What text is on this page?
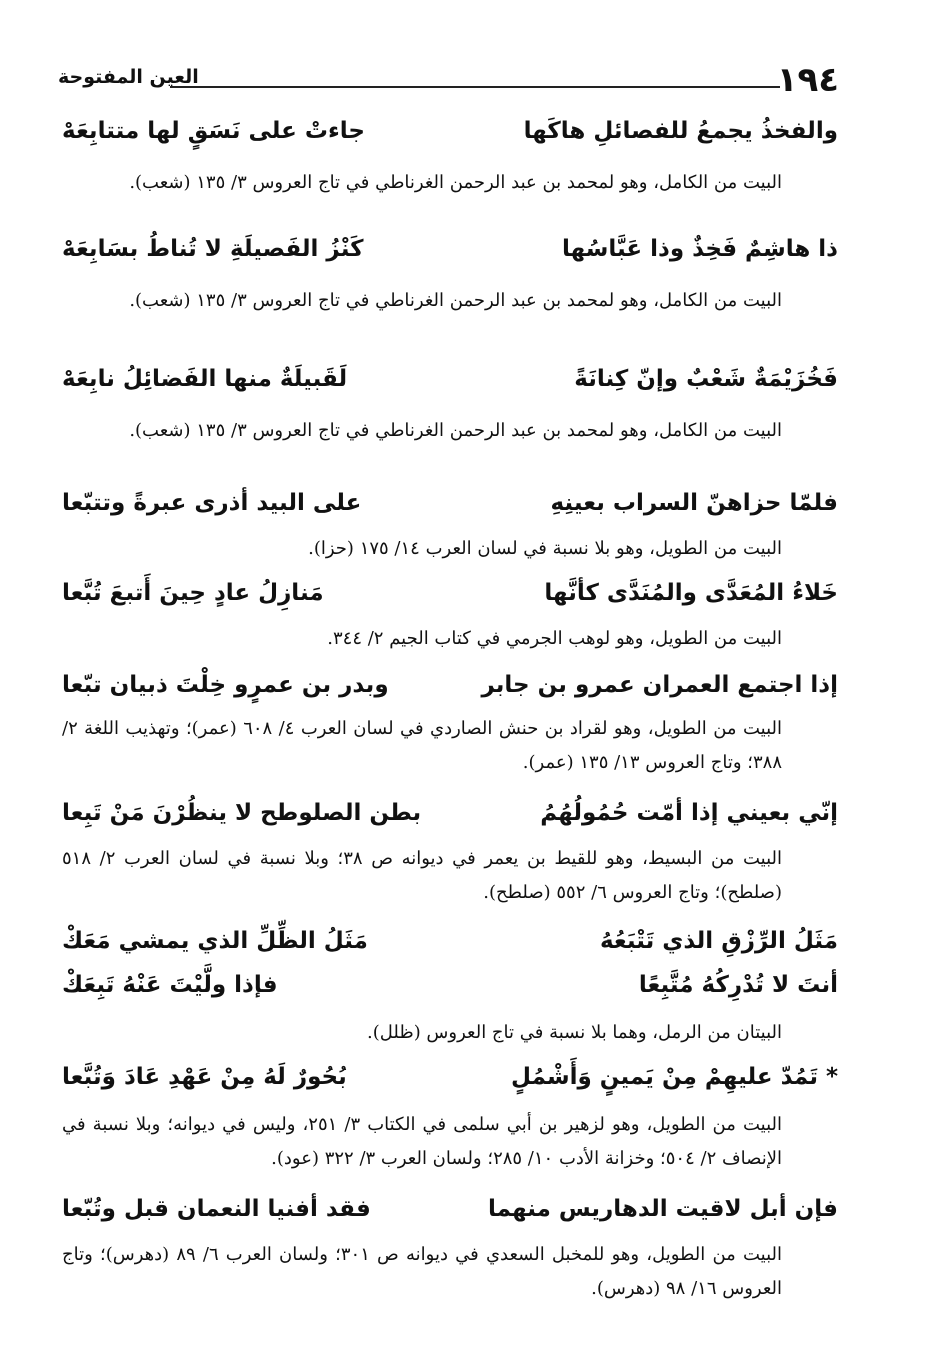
١٩٤
العين المفتوحة
والفخذُ يجمعُ للفصائلِ هاكَها
جاءتْ على نَسَقٍ لها متتابِعَهْ
البيت من الكامل، وهو لمحمد بن عبد الرحمن الغرناطي في تاج العروس ٣/ ١٣٥ (شعب).
ذا هاشِمٌ فَخِذٌ وذا عَبَّاسُها
كَنْزُ الفَصيلَةِ لا تُناطُ بسَابِعَهْ
البيت من الكامل، وهو لمحمد بن عبد الرحمن الغرناطي في تاج العروس ٣/ ١٣٥ (شعب).
فَخُزَيْمَةٌ شَعْبٌ وإنّ كِنانَةً
لَقَبيلَةٌ منها الفَضائِلُ نابِعَهْ
البيت من الكامل، وهو لمحمد بن عبد الرحمن الغرناطي في تاج العروس ٣/ ١٣٥ (شعب).
فلمّا حزاهنّ السراب بعينِهِ
على البيد أذرى عبرةً وتتبّعا
البيت من الطويل، وهو بلا نسبة في لسان العرب ١٤/ ١٧٥ (حزا).
خَلاءُ المُعَدَّى والمُنَدَّى كأنَّها
مَنازِلُ عادٍ حِينَ أَتبعَ تُبَّعا
البيت من الطويل، وهو لوهب الجرمي في كتاب الجيم ٢/ ٣٤٤.
إذا اجتمع العمران عمرو بن جابر
وبدر بن عمرٍو خِلْتَ ذبيان تبّعا
البيت من الطويل، وهو لقراد بن حنش الصاردي في لسان العرب ٤/ ٦٠٨ (عمر)؛ وتهذيب اللغة ٢/ ٣٨٨؛ وتاج العروس ١٣/ ١٣٥ (عمر).
إنّي بعيني إذا أمّت حُمُولُهُمُ
بطن الصلوطح لا ينظُرْنَ مَنْ تَبِعا
البيت من البسيط، وهو للقيط بن يعمر في ديوانه ص ٣٨؛ وبلا نسبة في لسان العرب ٢/ ٥١٨ (صلطح)؛ وتاج العروس ٦/ ٥٥٢ (صلطح).
مَثَلُ الرِّزْقِ الذي تَتْبَعُهُ
مَثَلُ الظِّلِّ الذي يمشي مَعَكْ
أنتَ لا تُدْرِكُهُ مُتَّبِعًا
فإذا ولَّيْتَ عَنْهُ تَبِعَكْ
البيتان من الرمل، وهما بلا نسبة في تاج العروس (ظلل).
* تَمُدّ عليهِمْ مِنْ يَمينٍ وَأَشْمُلٍ
بُحُورٌ لَهُ مِنْ عَهْدِ عَادَ وَتُبَّعا
البيت من الطويل، وهو لزهير بن أبي سلمى في الكتاب ٣/ ٢٥١، وليس في ديوانه؛ وبلا نسبة في الإنصاف ٢/ ٥٠٤؛ وخزانة الأدب ١٠/ ٢٨٥؛ ولسان العرب ٣/ ٣٢٢ (عود).
فإن أبل لاقيت الدهاريس منهما
فقد أفنيا النعمان قبل وتُبّعا
البيت من الطويل، وهو للمخبل السعدي في ديوانه ص ٣٠١؛ ولسان العرب ٦/ ٨٩ (دهرس)؛ وتاج العروس ١٦/ ٩٨ (دهرس).
